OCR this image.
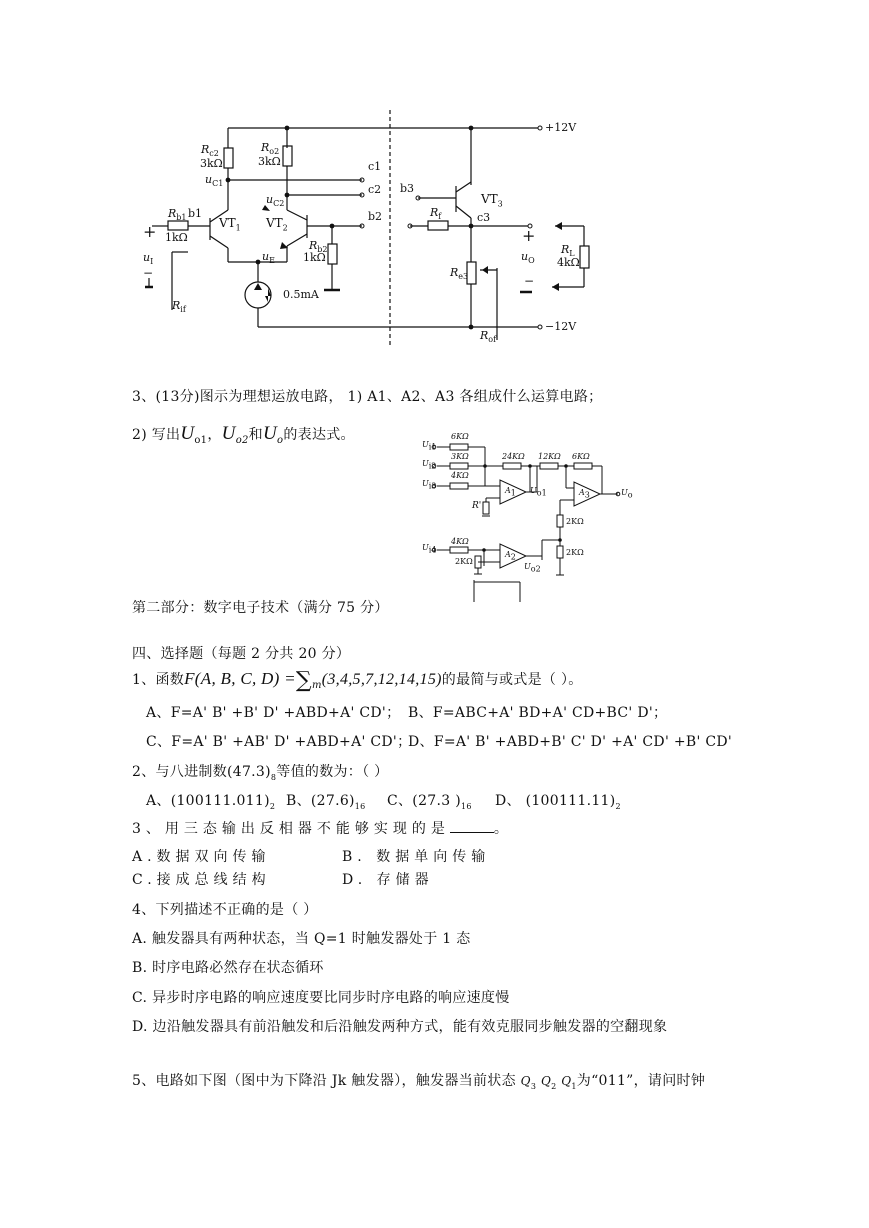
+12V
−12V
$R_{c2}$
3kΩ
$R_{o2}$
3kΩ
$u_{C1}$
$u_{C2}$
c1
c2
b2
$R_{b1}$
1kΩ
b1
$VT_1$ $VT_2$
$R_{b2}$
1kΩ
$u_E$
0.5mA
+
$u_I$
−
$R_{if}$
b3
$VT_3$
$R_f$	c3
$R_{e3}$
$R_{of}$
+
$u_O$
−
$R_L$
4kΩ
3、(13分)图示为理想运放电路， 1) A1、A2、A3 各组成什么运算电路；
2) 写出$U_{o1}$，$U_{o2}$和$U_o$的表达式。
$U_{i1}$
$U_{i2}$
$U_{i3}$
$U_{i4}$
6KΩ
3KΩ
4KΩ
24KΩ 12KΩ 6KΩ
4KΩ
2KΩ
2KΩ
2KΩ
R'
$A_1$
$A_2$
$A_3$
$U_{o1}$
$U_{o2}$
$U_o$
第二部分：数字电子技术（满分 75 分）
四、选择题（每题 2 分共 20 分）
1、函数F(A, B, C, $D) =\sum_m(3,4,5,7,12,14,15)$的最简与或式是（ ）。
A、F=A' B' +B' D' +ABD+A' CD'； B、F=ABC+A' BD+A' CD+BC' D'；
C、F=A' B' +AB' D' +ABD+A' CD'；
D、F=A' B' +ABD+B' C' D' +A' CD' +B' CD'
2、与八进制数$(47.3)_8$等值的数为：（ ）
A、$(100111.011)_2$ B、$(27.6)_{16}$ C、(27.3 )$_{16}$ D、 $(100111.11)_2$
3、用三态输出反相器不能够实现的是	。
A.数据双向传输	B. 数据单向传输
C.接成总线结构	D. 存储器
4、下列描述不正确的是（ ）
A. 触发器具有两种状态，当 Q=1 时触发器处于 1 态
B. 时序电路必然存在状态循环
C. 异步时序电路的响应速度要比同步时序电路的响应速度慢
D. 边沿触发器具有前沿触发和后沿触发两种方式，能有效克服同步触发器的空翻现象
5、电路如下图（图中为下降沿 Jk 触发器），触发器当前状态 $Q_3$ $Q_2$ $Q_1$为“011”，请问时钟
